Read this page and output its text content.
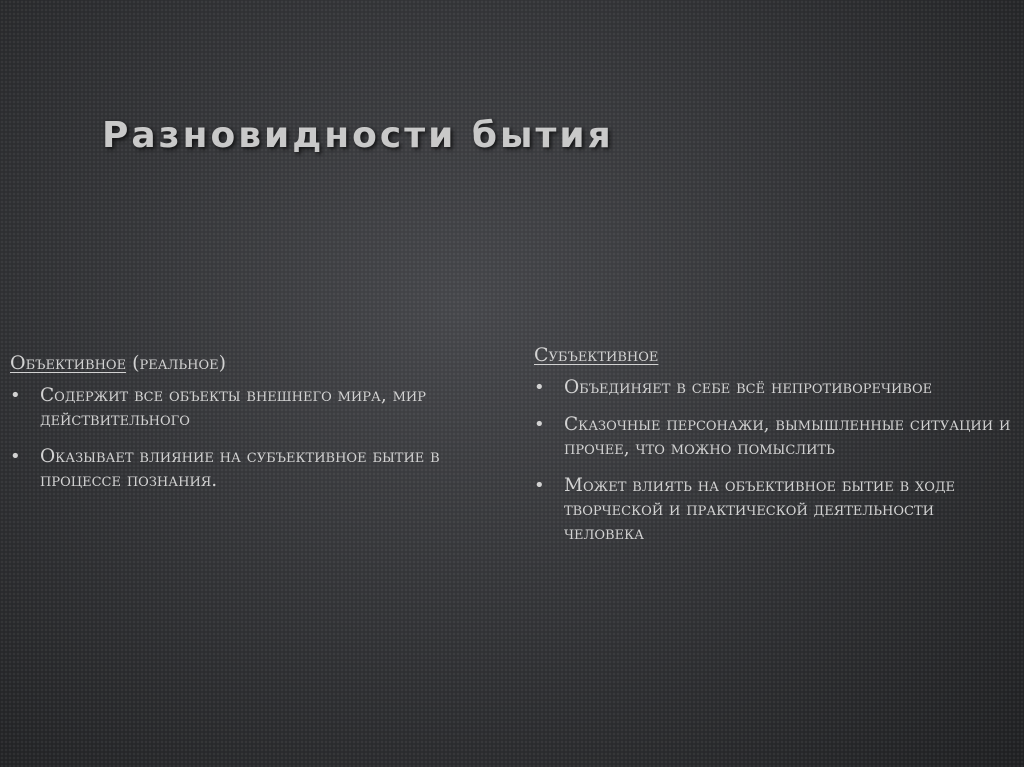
Разновидности бытия
Объективное (реальное)
• Содержит все объекты внешнего мира, мир действительного
• Оказывает влияние на субъективное бытие в процессе познания.
Субъективное
• Объединяет в себе всё непротиворечивое
• Сказочные персонажи, вымышленные ситуации и прочее, что можно помыслить
• Может влиять на объективное бытие в ходе творческой и практической деятельности человека
